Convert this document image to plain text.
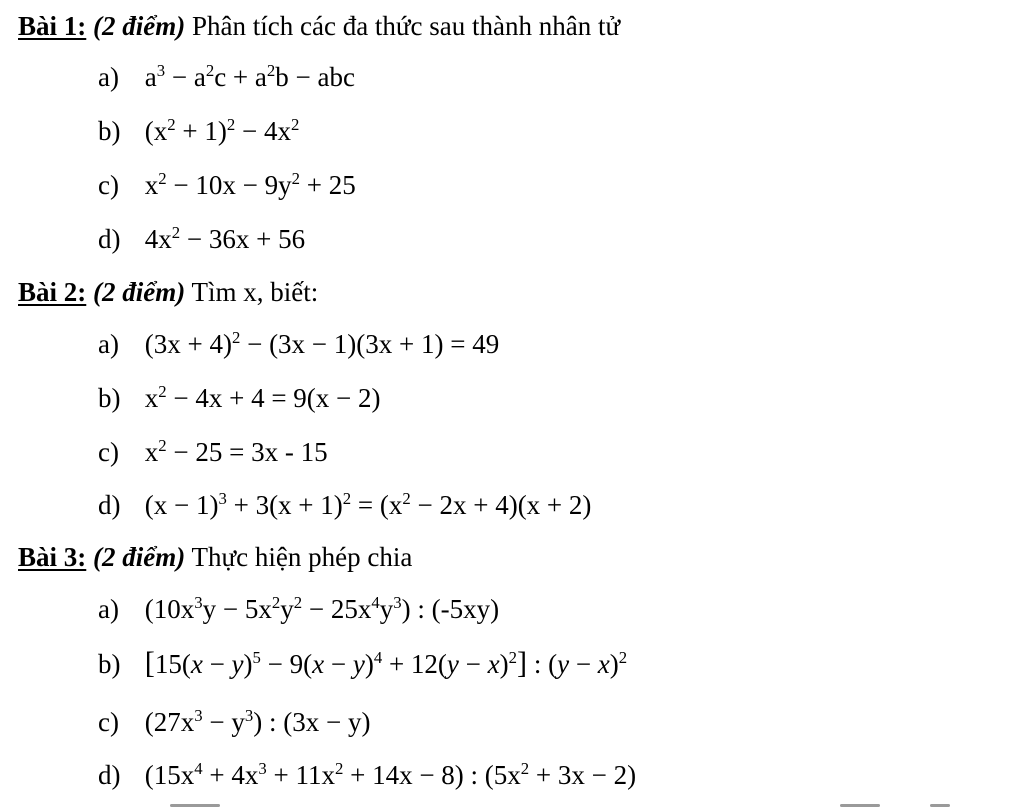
Bài 1: (2 điểm) Phân tích các đa thức sau thành nhân tử
a) $a^3 - a^2c + a^2b$ − abc
b) $(x^2 + 1)^2 - 4x^2$
c) $x^2 - 10x - 9y^2 + 25$
d) $4x^2 - 36x + 56$
Bài 2: (2 điểm) Tìm x, biết:
a) $(3x + 4)^2 - (3x - 1)(3x + 1) = 49$
b) $x^2 - 4x + 4 = 9(x - 2)$
c) $x^2 - 25 = 3x - 15$
d) $(x - 1)^3 + 3(x + 1)^2 = (x^2 - 2x + 4)(x + 2)$
Bài 3: (2 điểm) Thực hiện phép chia
a) $(10x^3y - 5x^2y^2 - 25x^4y^3)$ : (-5xy)
b) $[15(x - y)^5 - 9(x - y)^4 + 12(y - x)^2]$ : $(y - x)^2$
c) $(27x^3 - y^3)$ : (3x − y)
d) $(15x^4 + 4x^3 + 11x^2 + 14x - 8)$ : $(5x^2 + 3x - 2)$
